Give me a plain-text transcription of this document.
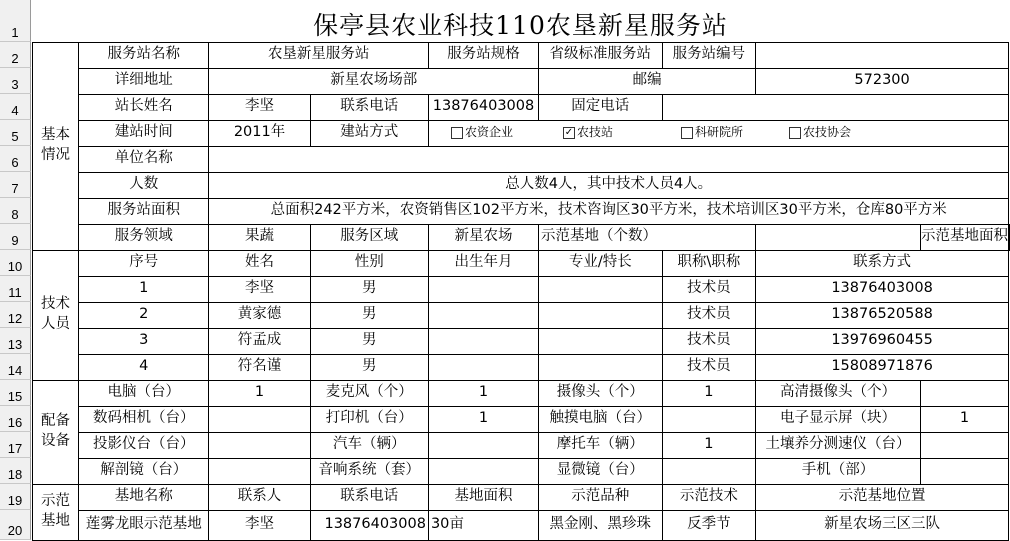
1
2
3
4
5
6
7
8
9
10
11
12
13
14
15
16
17
18
19
20
保亭县农业科技110农垦新星服务站									
基本
情况	服务站名称	农垦新星服务站		服务站规格	省级标准服务站	服务站编号			
	详细地址	新星农场场部			邮编		572300		
	站长姓名	李坚	联系电话	13876403008	固定电话				
	建站时间	2011年	建站方式	农资企业 ✓ 农技站 科研院所 农技协会					

	单位名称								
	人数	总人数4人，其中技术人员4人。							
	服务站面积	总面积242平方米，农资销售区102平方米，技术咨询区30平方米，技术培训区30平方米，仓库80平方米							
	服务领域	果蔬	服务区域	新星农场	示范基地（个数）			示范基地面积	
技术
人员	序号	姓名	性别	出生年月	专业/特长	职称\职称	联系方式		
	1	李坚	男			技术员	13876403008		
	2	黄家德	男			技术员	13876520588		
	3	符孟成	男			技术员	13976960455		
	4	符名谨	男			技术员	15808971876		
配备
设备	电脑（台）	1	麦克风（个）	1	摄像头（个）	1	高清摄像头（个）		
	数码相机（台）		打印机（台）	1	触摸电脑（台）		电子显示屏（块）	1	
	投影仪台（台）		汽车（辆）		摩托车（辆）	1	土壤养分测速仪（台）		
	解剖镜（台）		音响系统（套）		显微镜（台）		手机（部）		
示范
基地	基地名称	联系人	联系电话	基地面积	示范品种	示范技术	示范基地位置		
	莲雾龙眼示范基地	李坚	13876403008	30亩	黑金刚、黑珍珠	反季节	新星农场三区三队		
